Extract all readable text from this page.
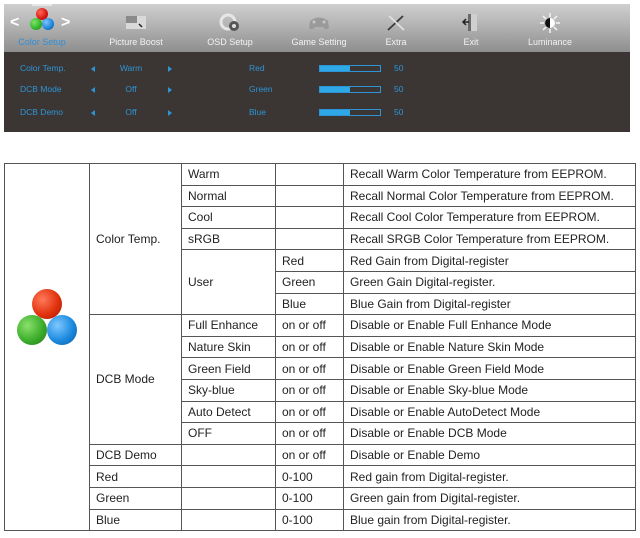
<	>
Color Setup	Picture Boost	OSD Setup	Game Setting	Extra	Exit	Luminance
Color Temp.	Warm
DCB Mode	Off
DCB Demo	Off
Red	50
Green	50
Blue	50
	Color Temp.	Warm		Recall Warm Color Temperature from EEPROM.
		Normal		Recall Normal Color Temperature from EEPROM.
		Cool		Recall Cool Color Temperature from EEPROM.
		sRGB		Recall SRGB Color Temperature from EEPROM.
		User	Red	Red Gain from Digital-register
			Green	Green Gain Digital-register.
			Blue	Blue Gain from Digital-register
	DCB Mode	Full Enhance	on or off	Disable or Enable Full Enhance Mode
		Nature Skin	on or off	Disable or Enable Nature Skin Mode
		Green Field	on or off	Disable or Enable Green Field Mode
		Sky-blue	on or off	Disable or Enable Sky-blue Mode
		Auto Detect	on or off	Disable or Enable AutoDetect Mode
		OFF	on or off	Disable or Enable DCB Mode
	DCB Demo		on or off	Disable or Enable Demo
	Red		0-100	Red gain from Digital-register.
	Green		0-100	Green gain from Digital-register.
	Blue		0-100	Blue gain from Digital-register.
